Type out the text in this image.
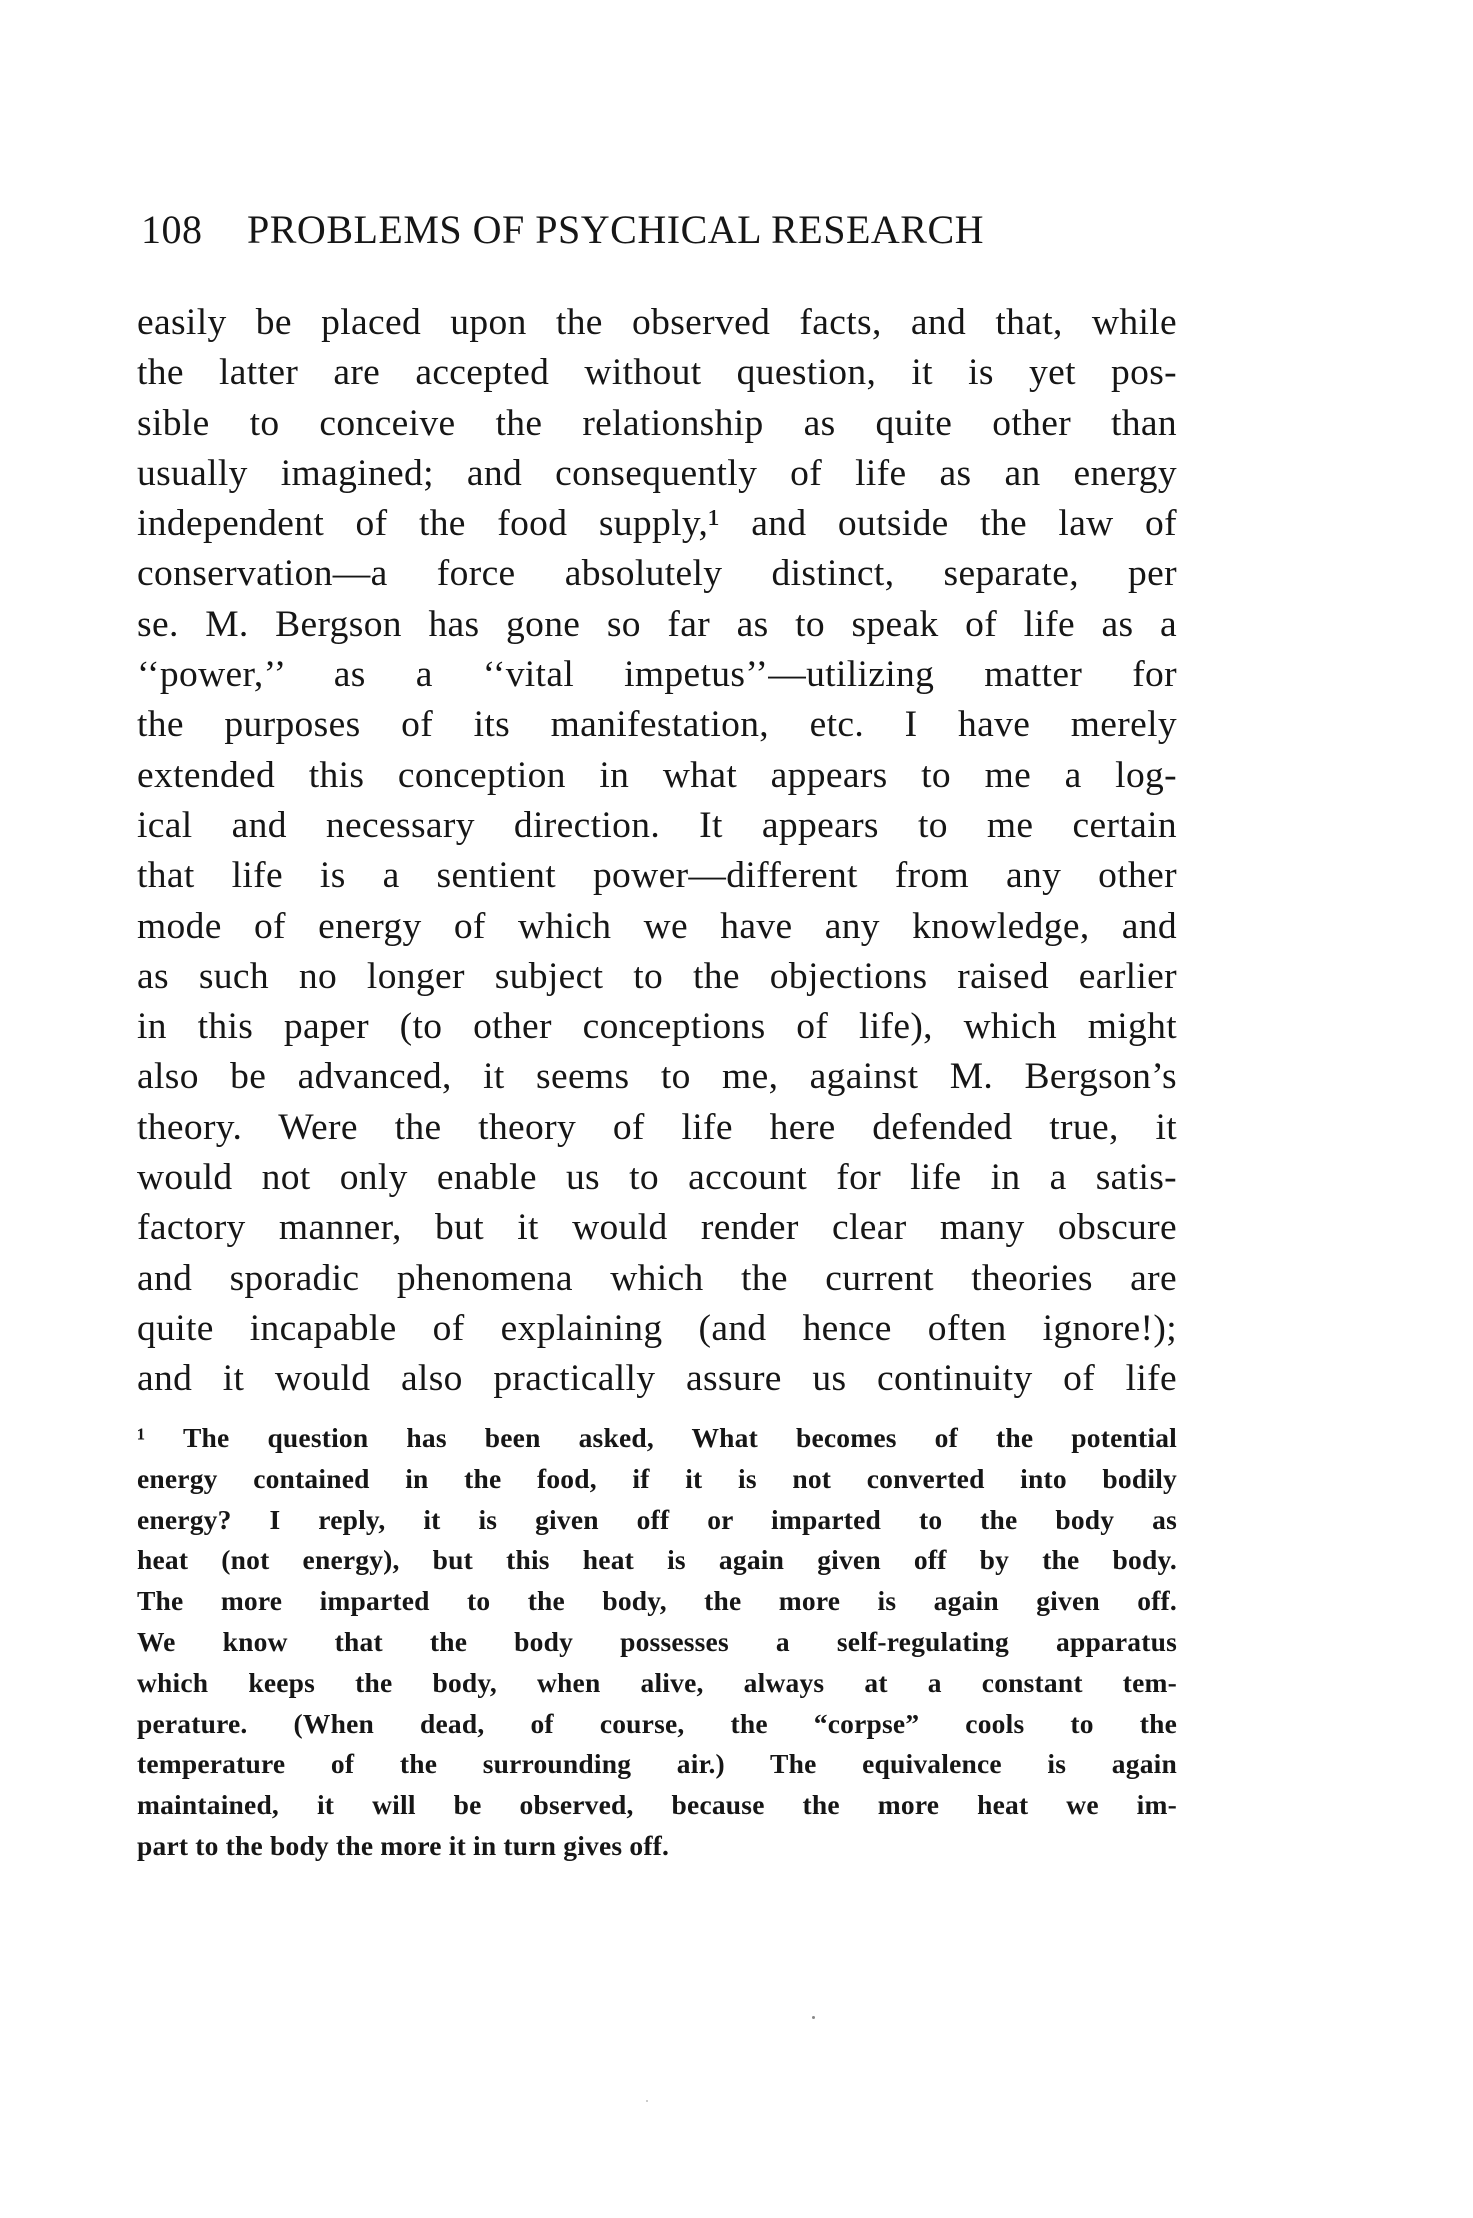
108 PROBLEMS OF PSYCHICAL RESEARCH
easily be placed upon the observed facts, and that, while
the latter are accepted without question, it is yet pos-
sible to conceive the relationship as quite other than
usually imagined; and consequently of life as an energy
independent of the food supply,¹ and outside the law of
conservation—a force absolutely distinct, separate, per
se. M. Bergson has gone so far as to speak of life as a
‘‘power,’’ as a ‘‘vital impetus’’—utilizing matter for
the purposes of its manifestation, etc. I have merely
extended this conception in what appears to me a log-
ical and necessary direction. It appears to me certain
that life is a sentient power—different from any other
mode of energy of which we have any knowledge, and
as such no longer subject to the objections raised earlier
in this paper (to other conceptions of life), which might
also be advanced, it seems to me, against M. Bergson’s
theory. Were the theory of life here defended true, it
would not only enable us to account for life in a satis-
factory manner, but it would render clear many obscure
and sporadic phenomena which the current theories are
quite incapable of explaining (and hence often ignore!);
and it would also practically assure us continuity of life
¹ The question has been asked, What becomes of the potential
energy contained in the food, if it is not converted into bodily
energy? I reply, it is given off or imparted to the body as
heat (not energy), but this heat is again given off by the body.
The more imparted to the body, the more is again given off.
We know that the body possesses a self-regulating apparatus
which keeps the body, when alive, always at a constant tem-
perature. (When dead, of course, the “corpse” cools to the
temperature of the surrounding air.) The equivalence is again
maintained, it will be observed, because the more heat we im-
part to the body the more it in turn gives off.
